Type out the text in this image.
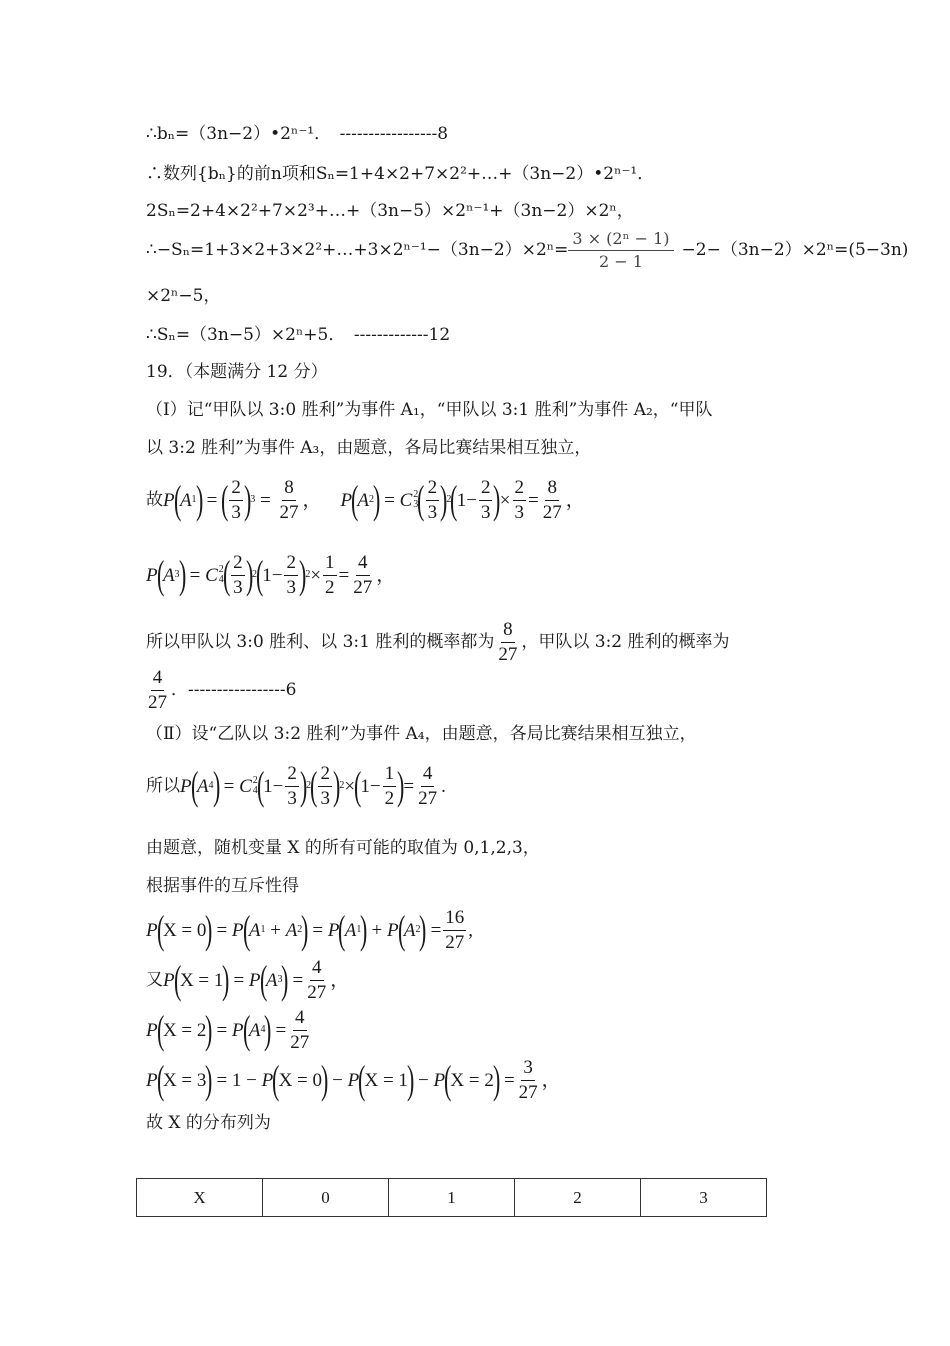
∴bₙ=（3n−2）•2ⁿ⁻¹．　-----------------8
∴数列{bₙ}的前n项和Sₙ=1+4×2+7×2²+…+（3n−2）•2ⁿ⁻¹．
2Sₙ=2+4×2²+7×2³+…+（3n−5）×2ⁿ⁻¹+（3n−2）×2ⁿ，
∴−Sₙ=1+3×2+3×2²+…+3×2ⁿ⁻¹−（3n−2）×2ⁿ= $\frac{\text{3 × (2ⁿ − 1)}}{2 - 1} -2-(3n-2)\times 2^n=(5-3n)$
×2ⁿ−5，
∴Sₙ=（3n−5）×2ⁿ+5．　-------------12
19．（本题满分 12 分）
（Ⅰ）记“甲队以 3:0 胜利”为事件 A₁，“甲队以 3:1 胜利”为事件 A₂，“甲队
以 3:2 胜利”为事件 A₃，由题意，各局比赛结果相互独立，
故 P
(
A 1
)
=
( $\frac{2}{3}$ )
$3 = \frac{8}{27}$ ， P
(
A 2
)
= C 2
3
( $\frac{2}{3}$ )
2
(
$1- \frac{2}{3}$ )
× $\frac{2}{3} = \frac{8}{27}$ ，
P
(
A 3
)
= C 2
4
( $\frac{2}{3}$ )
2
(
$1- \frac{2}{3}$ )
$2 \times \frac{1}{2} = \frac{4}{27}$ ，
所以甲队以 3:0 胜利、以 3:1 胜利的概率都为 $\frac{8}{27}$ ，甲队以 3:2 胜利的概率为
$\frac{4}{27}$ ．-----------------6
（Ⅱ）设“乙队以 3:2 胜利”为事件 A₄，由题意，各局比赛结果相互独立，
所以 P
(
A 4
)
= C 2
4
(
$1- \frac{2}{3}$ )
2
( $\frac{2}{3}$ )
2 ×
(
$1- \frac{1}{2}$ )
= $\frac{4}{27}$ .
由题意，随机变量 X 的所有可能的取值为 0,1,2,3，
根据事件的互斥性得
P
(
X = 0
)
= P
(
A 1 + A 2
)
= P
(
A 1
)
+ P
(
A 2
)
= $\frac{16}{27}$ ,
又 P
(
X = 1
)
= P
(
A 3
)
= $\frac{4}{27}$ ，
P
(
X = 2
)
= P
(
A 4
)
= $\frac{4}{27}$
P
(
X = 3
)
= 1 − P
(
X = 0
)
− P
(
X = 1
)
− P
(
X = 2
)
= $\frac{3}{27}$ ，
故 X 的分布列为
X	0	1	2	3
